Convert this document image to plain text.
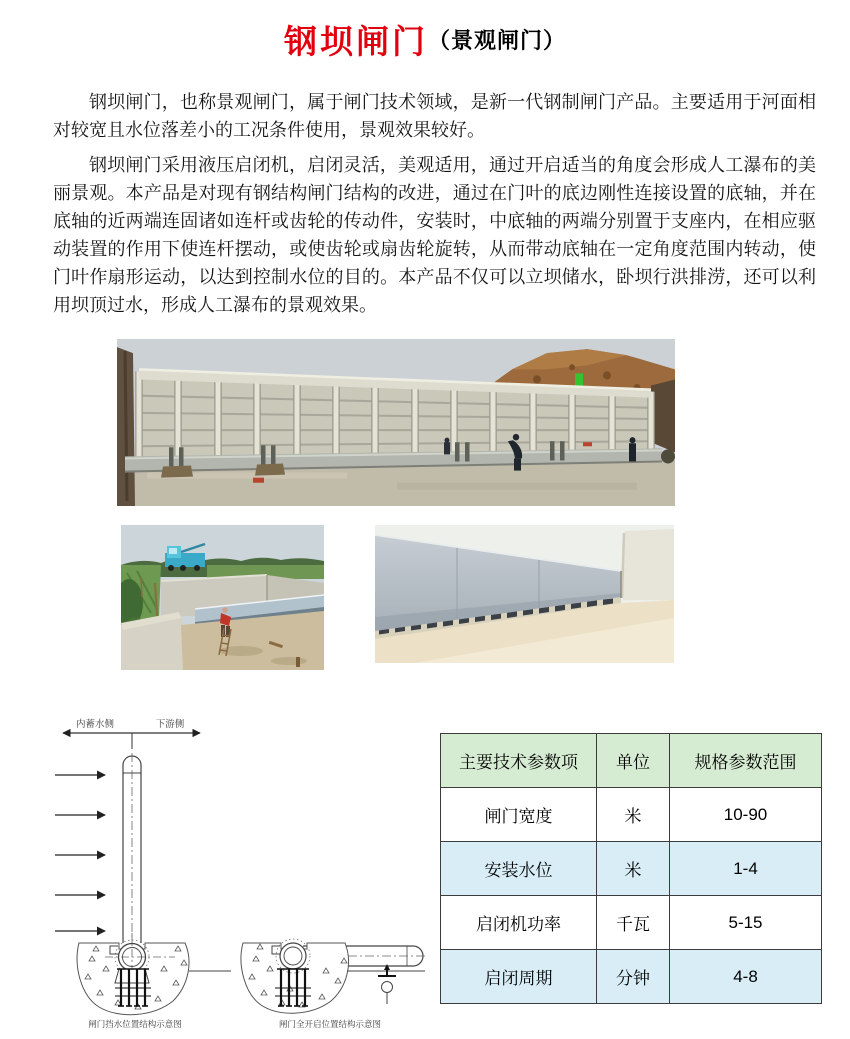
钢坝闸门（景观闸门）

钢坝闸门，也称景观闸门，属于闸门技术领域，是新一代钢制闸门产品。主要适用于河面相对较宽且水位落差小的工况条件使用，景观效果较好。

钢坝闸门采用液压启闭机，启闭灵活，美观适用，通过开启适当的角度会形成人工瀑布的美丽景观。本产品是对现有钢结构闸门结构的改进，通过在门叶的底边刚性连接设置的底轴，并在底轴的近两端连固诸如连杆或齿轮的传动件，安装时，中底轴的两端分别置于支座内，在相应驱动装置的作用下使连杆摆动，或使齿轮或扇齿轮旋转，从而带动底轴在一定角度范围内转动，使门叶作扇形运动，以达到控制水位的目的。本产品不仅可以立坝储水，卧坝行洪排涝，还可以利用坝顶过水，形成人工瀑布的景观效果。

内蓄水侧	下游侧
闸门挡水位置结构示意图	闸门全开启位置结构示意图
主要技术参数项	单位	规格参数范围
闸门宽度	米	10-90
安装水位	米	1-4
启闭机功率	千瓦	5-15
启闭周期	分钟	4-8
